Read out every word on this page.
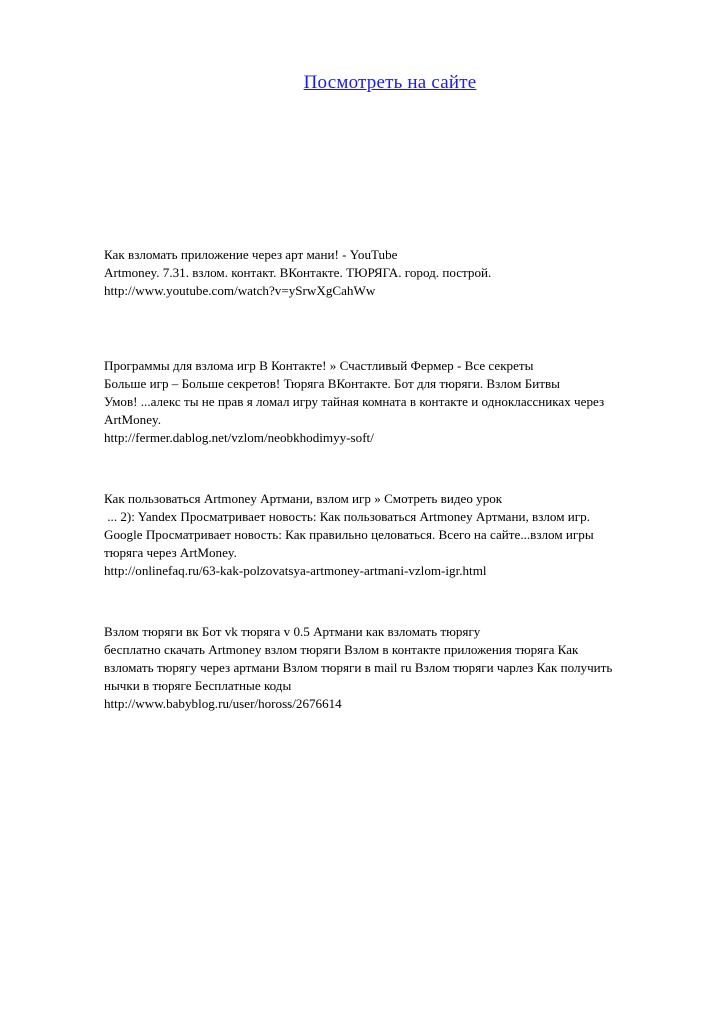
Посмотреть на сайте
Как взломать приложение через арт мани! - YouTube
Artmoney. 7.31. взлом. контакт. ВКонтакте. ТЮРЯГА. город. построй.
http://www.youtube.com/watch?v=ySrwXgCahWw
Программы для взлома игр В Контакте! » Счастливый Фермер - Все секреты
Больше игр – Больше секретов! Тюряга ВКонтакте. Бот для тюряги. Взлом Битвы
Умов! ...алекс ты не прав я ломал игру тайная комната в контакте и одноклассниках через
ArtMoney.
http://fermer.dablog.net/vzlom/neobkhodimyy-soft/
Как пользоваться Artmoney Артмани, взлом игр » Смотреть видео урок
... 2): Yandex Просматривает новость: Как пользоваться Artmoney Артмани, взлом игр.
Google Просматривает новость: Как правильно целоваться. Всего на сайте...взлом игры
тюряга через ArtMoney.
http://onlinefaq.ru/63-kak-polzovatsya-artmoney-artmani-vzlom-igr.html
Взлом тюряги вк Бот vk тюряга v 0.5 Артмани как взломать тюрягу
бесплатно скачать Artmoney взлом тюряги Взлом в контакте приложения тюряга Как
взломать тюрягу через артмани Взлом тюряги в mail ru Взлом тюряги чарлез Как получить
нычки в тюряге Бесплатные коды
http://www.babyblog.ru/user/hoross/2676614
